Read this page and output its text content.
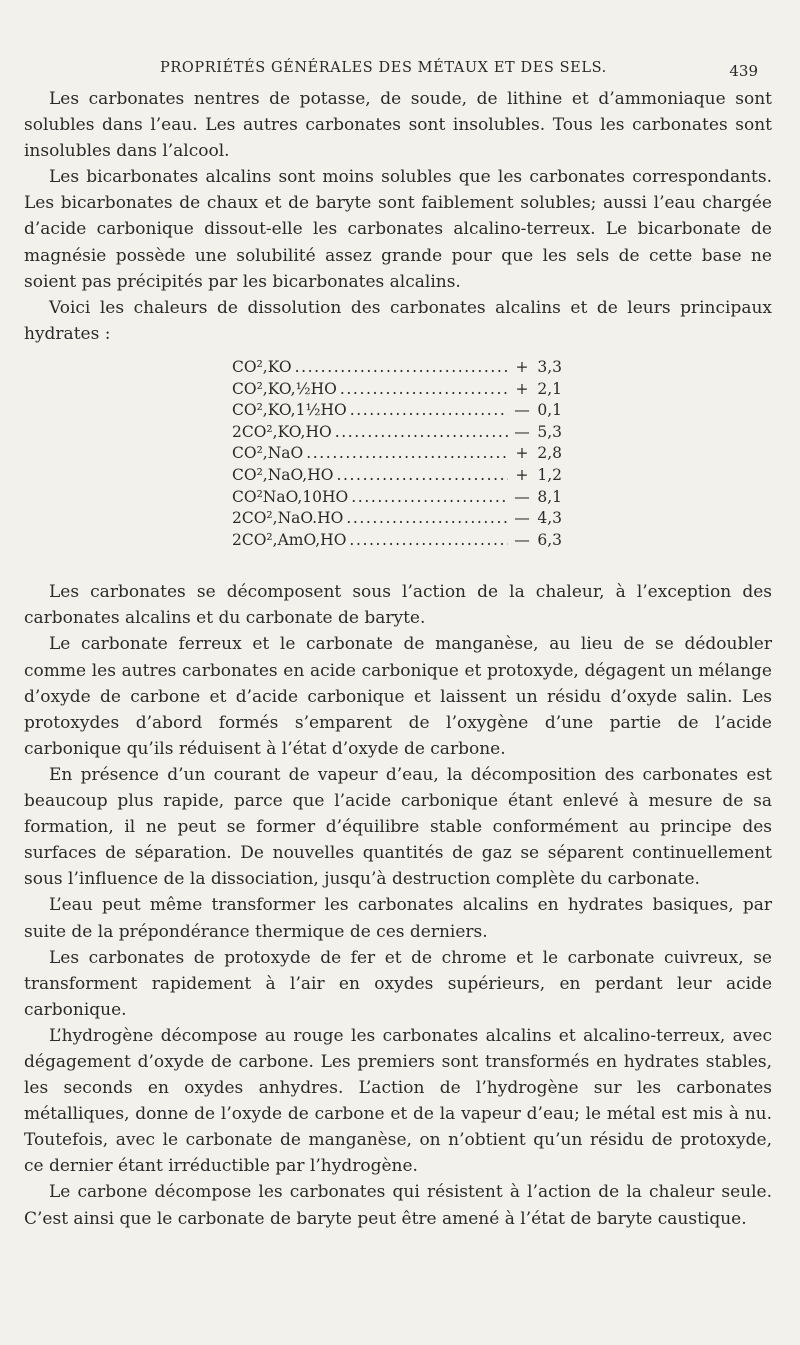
PROPRIÉTÉS GÉNÉRALES DES MÉTAUX ET DES SELS.	439

Les carbonates nentres de potasse, de soude, de lithine et d’ammoniaque sont solubles dans l’eau. Les autres carbonates sont insolubles. Tous les carbonates sont insolubles dans l’alcool.

Les bicarbonates alcalins sont moins solubles que les carbonates correspondants. Les bicarbonates de chaux et de baryte sont faiblement solubles; aussi l’eau chargée d’acide carbonique dissout-elle les carbonates alcalino-terreux. Le bicarbonate de magnésie possède une solubilité assez grande pour que les sels de cette base ne soient pas précipités par les bicarbonates alcalins.

Voici les chaleurs de dissolution des carbonates alcalins et de leurs principaux hydrates :

CO²,KO .....	+ 3,3
CO²,KO,½HO .....	+ 2,1
CO²,KO,1½HO .....	— 0,1
2CO²,KO,HO .....	— 5,3
CO²,NaO .....	+ 2,8
CO²,NaO,HO .....	+ 1,2
CO²NaO,10HO .....	— 8,1
2CO²,NaO.HO .....	— 4,3
2CO²,AmO,HO .....	— 6,3

Les carbonates se décomposent sous l’action de la chaleur, à l’exception des carbonates alcalins et du carbonate de baryte.

Le carbonate ferreux et le carbonate de manganèse, au lieu de se dédoubler comme les autres carbonates en acide carbonique et protoxyde, dégagent un mélange d’oxyde de carbone et d’acide carbonique et laissent un résidu d’oxyde salin. Les protoxydes d’abord formés s’emparent de l’oxygène d’une partie de l’acide carbonique qu’ils réduisent à l’état d’oxyde de carbone.

En présence d’un courant de vapeur d’eau, la décomposition des carbonates est beaucoup plus rapide, parce que l’acide carbonique étant enlevé à mesure de sa formation, il ne peut se former d’équilibre stable conformément au principe des surfaces de séparation. De nouvelles quantités de gaz se séparent continuellement sous l’influence de la dissociation, jusqu’à destruction complète du carbonate.

L’eau peut même transformer les carbonates alcalins en hydrates basiques, par suite de la prépondérance thermique de ces derniers.

Les carbonates de protoxyde de fer et de chrome et le carbonate cuivreux, se transforment rapidement à l’air en oxydes supérieurs, en perdant leur acide carbonique.

L’hydrogène décompose au rouge les carbonates alcalins et alcalino-terreux, avec dégagement d’oxyde de carbone. Les premiers sont transformés en hydrates stables, les seconds en oxydes anhydres. L’action de l’hydrogène sur les carbonates métalliques, donne de l’oxyde de carbone et de la vapeur d’eau; le métal est mis à nu. Toutefois, avec le carbonate de manganèse, on n’obtient qu’un résidu de protoxyde, ce dernier étant irréductible par l’hydrogène.

Le carbone décompose les carbonates qui résistent à l’action de la chaleur seule. C’est ainsi que le carbonate de baryte peut être amené à l’état de baryte caustique.
